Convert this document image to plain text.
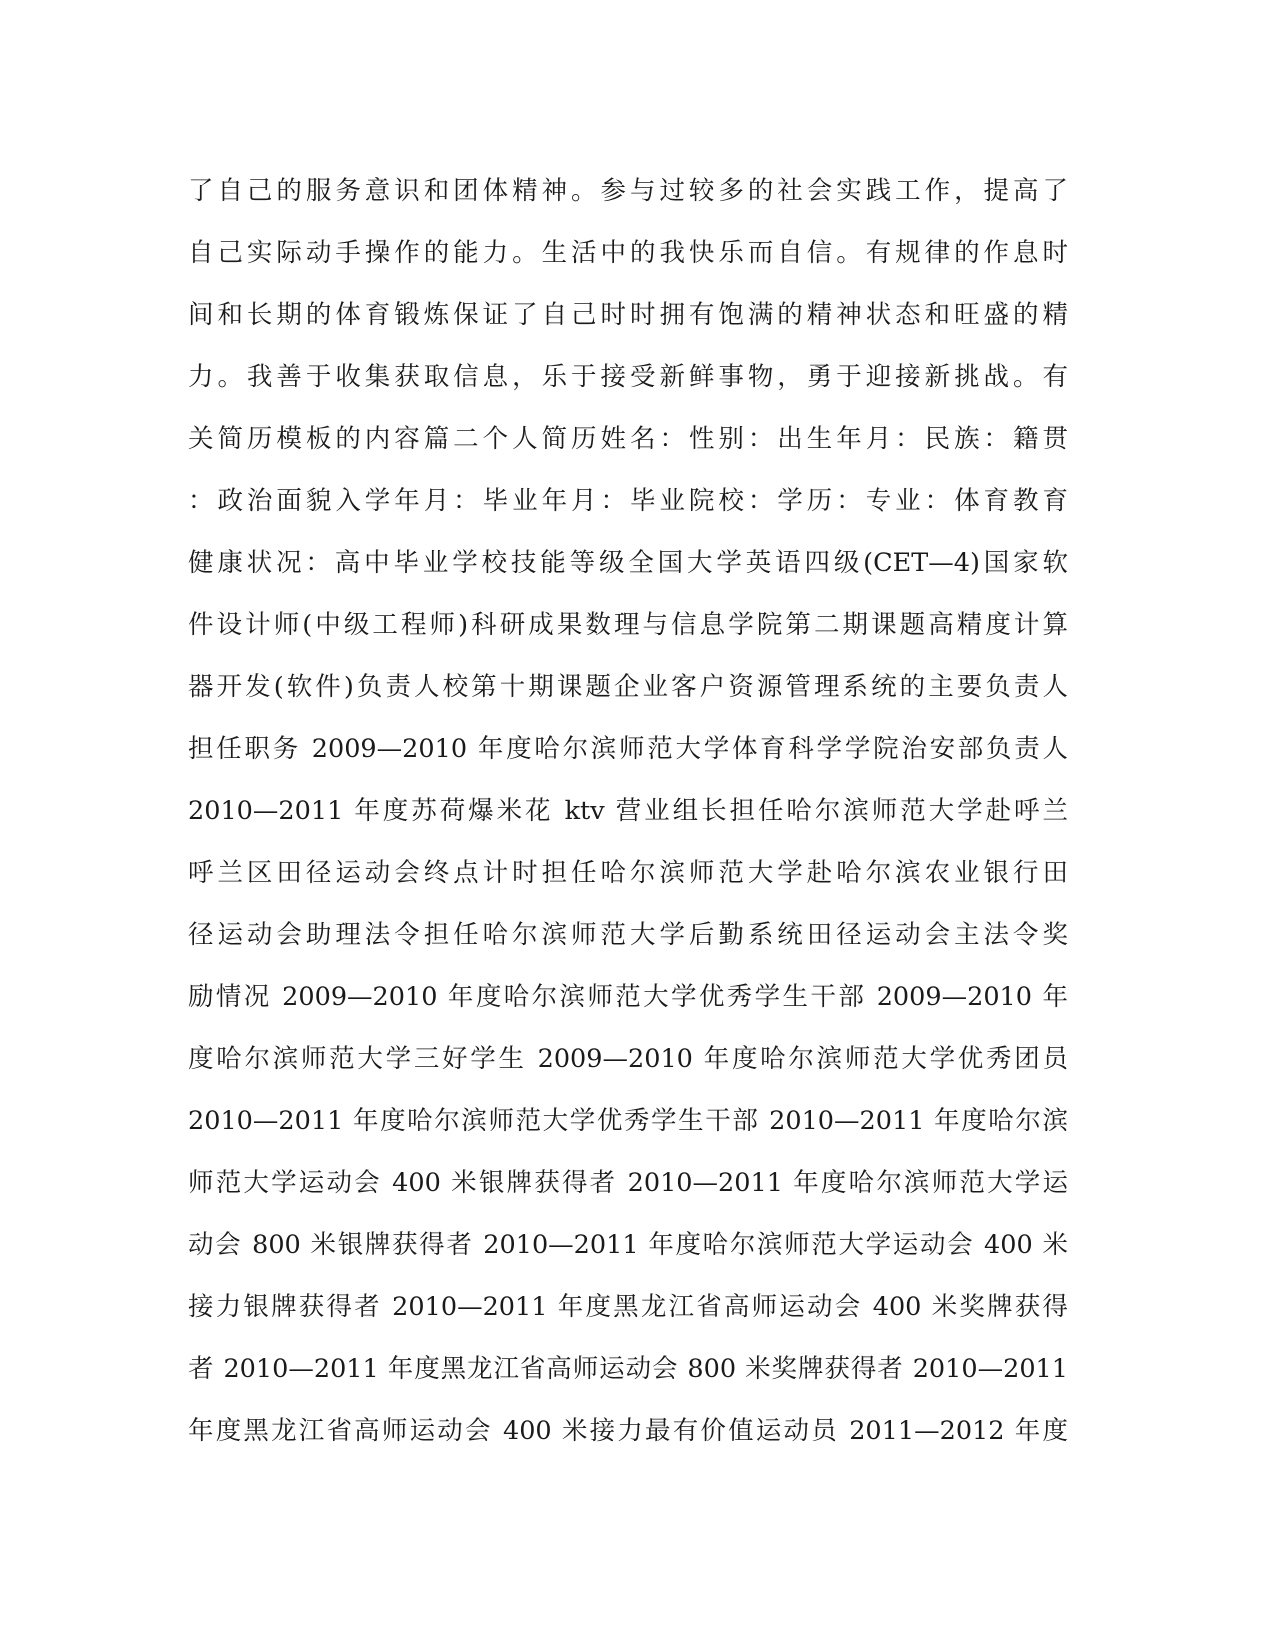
了自己的服务意识和团体精神。参与过较多的社会实践工作，提高了
自己实际动手操作的能力。生活中的我快乐而自信。有规律的作息时
间和长期的体育锻炼保证了自己时时拥有饱满的精神状态和旺盛的精
力。我善于收集获取信息，乐于接受新鲜事物，勇于迎接新挑战。有
关简历模板的内容篇二个人简历姓名：性别：出生年月：民族：籍贯
：政治面貌入学年月：毕业年月：毕业院校：学历：专业：体育教育
健康状况：高中毕业学校技能等级全国大学英语四级(CET—4)国家软
件设计师(中级工程师)科研成果数理与信息学院第二期课题高精度计算
器开发(软件)负责人校第十期课题企业客户资源管理系统的主要负责人
担任职务 2009—2010 年度哈尔滨师范大学体育科学学院治安部负责人
2010—2011 年度苏荷爆米花 ktv 营业组长担任哈尔滨师范大学赴呼兰
呼兰区田径运动会终点计时担任哈尔滨师范大学赴哈尔滨农业银行田
径运动会助理法令担任哈尔滨师范大学后勤系统田径运动会主法令奖
励情况 2009—2010 年度哈尔滨师范大学优秀学生干部 2009—2010 年
度哈尔滨师范大学三好学生 2009—2010 年度哈尔滨师范大学优秀团员
2010—2011 年度哈尔滨师范大学优秀学生干部 2010—2011 年度哈尔滨
师范大学运动会 400 米银牌获得者 2010—2011 年度哈尔滨师范大学运
动会 800 米银牌获得者 2010—2011 年度哈尔滨师范大学运动会 400 米
接力银牌获得者 2010—2011 年度黑龙江省高师运动会 400 米奖牌获得
者 2010—2011 年度黑龙江省高师运动会 800 米奖牌获得者 2010—2011
年度黑龙江省高师运动会 400 米接力最有价值运动员 2011—2012 年度
